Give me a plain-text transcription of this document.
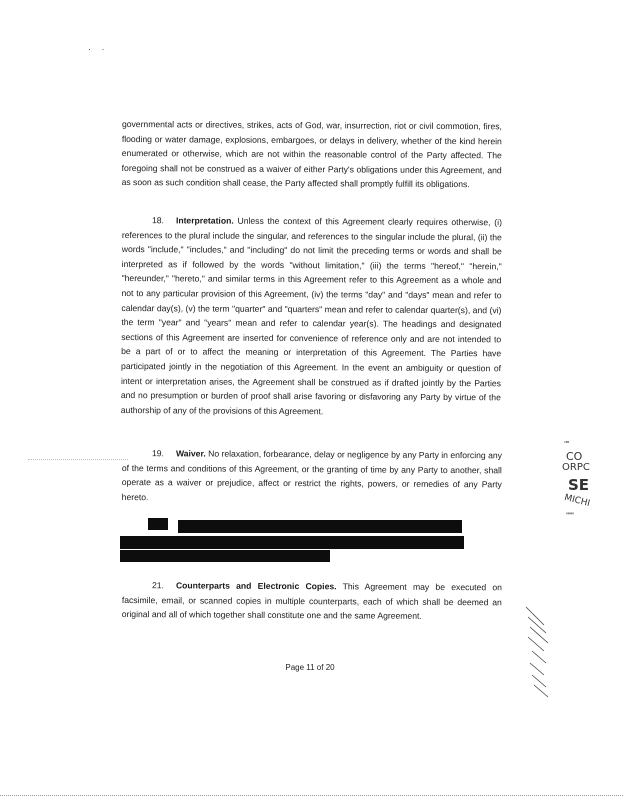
· ·

governmental acts or directives, strikes, acts of God, war, insurrection, riot or civil commotion, fires, flooding or water damage, explosions, embargoes, or delays in delivery, whether of the kind herein enumerated or otherwise, which are not within the reasonable control of the Party affected. The foregoing shall not be construed as a waiver of either Party's obligations under this Agreement, and as soon as such condition shall cease, the Party affected shall promptly fulfill its obligations.

18. Interpretation. Unless the context of this Agreement clearly requires otherwise, (i) references to the plural include the singular, and references to the singular include the plural, (ii) the words "include," "includes," and "including" do not limit the preceding terms or words and shall be interpreted as if followed by the words "without limitation," (iii) the terms "hereof," "herein," "hereunder," "hereto," and similar terms in this Agreement refer to this Agreement as a whole and not to any particular provision of this Agreement, (iv) the terms "day" and "days" mean and refer to calendar day(s), (v) the term "quarter" and "quarters" mean and refer to calendar quarter(s), and (vi) the term "year" and "years" mean and refer to calendar year(s). The headings and designated sections of this Agreement are inserted for convenience of reference only and are not intended to be a part of or to affect the meaning or interpretation of this Agreement. The Parties have participated jointly in the negotiation of this Agreement. In the event an ambiguity or question of intent or interpretation arises, the Agreement shall be construed as if drafted jointly by the Parties and no presumption or burden of proof shall arise favoring or disfavoring any Party by virtue of the authorship of any of the provisions of this Agreement.

19. Waiver. No relaxation, forbearance, delay or negligence by any Party in enforcing any of the terms and conditions of this Agreement, or the granting of time by any Party to another, shall operate as a waiver or prejudice, affect or restrict the rights, powers, or remedies of any Party hereto.

21. Counterparts and Electronic Copies. This Agreement may be executed on facsimile, email, or scanned copies in multiple counterparts, each of which shall be deemed an original and all of which together shall constitute one and the same Agreement.

Page 11 of 20
""
CO
ORPC
SE
MICHI
""""
